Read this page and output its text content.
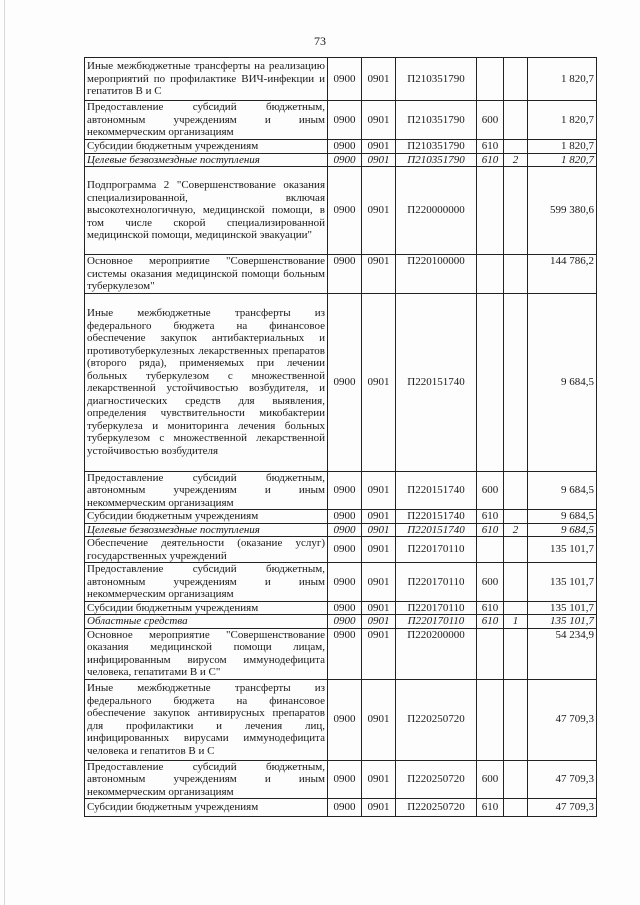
73
Иные межбюджетные трансферты на реализацию мероприятий по профилактике ВИЧ-инфекции и гепатитов В и С	0900	0901	П210351790			1 820,7
Предоставление субсидий бюджетным, автономным учреждениям и иным некоммерческим организациям	0900	0901	П210351790	600		1 820,7
Субсидии бюджетным учреждениям	0900	0901	П210351790	610		1 820,7
Целевые безвозмездные поступления	0900	0901	П210351790	610	2	1 820,7
Подпрограмма 2 "Совершенствование оказания специализированной, включая высокотехнологичную, медицинской помощи, в том числе скорой специализированной медицинской помощи, медицинской эвакуации"	0900	0901	П220000000			599 380,6
Основное мероприятие "Совершенствование системы оказания медицинской помощи больным туберкулезом"	0900	0901	П220100000			144 786,2
Иные межбюджетные трансферты из федерального бюджета на финансовое обеспечение закупок антибактериальных и противотуберкулезных лекарственных препаратов (второго ряда), применяемых при лечении больных туберкулезом с множественной лекарственной устойчивостью возбудителя, и диагностических средств для выявления, определения чувствительности микобактерии туберкулеза и мониторинга лечения больных туберкулезом с множественной лекарственной устойчивостью возбудителя	0900	0901	П220151740			9 684,5
Предоставление субсидий бюджетным, автономным учреждениям и иным некоммерческим организациям	0900	0901	П220151740	600		9 684,5
Субсидии бюджетным учреждениям	0900	0901	П220151740	610		9 684,5
Целевые безвозмездные поступления	0900	0901	П220151740	610	2	9 684,5
Обеспечение деятельности (оказание услуг) государственных учреждений	0900	0901	П220170110			135 101,7
Предоставление субсидий бюджетным, автономным учреждениям и иным некоммерческим организациям	0900	0901	П220170110	600		135 101,7
Субсидии бюджетным учреждениям	0900	0901	П220170110	610		135 101,7
Областные средства	0900	0901	П220170110	610	1	135 101,7
Основное мероприятие "Совершенствование оказания медицинской помощи лицам, инфицированным вирусом иммунодефицита человека, гепатитами В и С"	0900	0901	П220200000			54 234,9
Иные межбюджетные трансферты из федерального бюджета на финансовое обеспечение закупок антивирусных препаратов для профилактики и лечения лиц, инфицированных вирусами иммунодефицита человека и гепатитов В и С	0900	0901	П220250720			47 709,3
Предоставление субсидий бюджетным, автономным учреждениям и иным некоммерческим организациям	0900	0901	П220250720	600		47 709,3
Субсидии бюджетным учреждениям	0900	0901	П220250720	610		47 709,3
